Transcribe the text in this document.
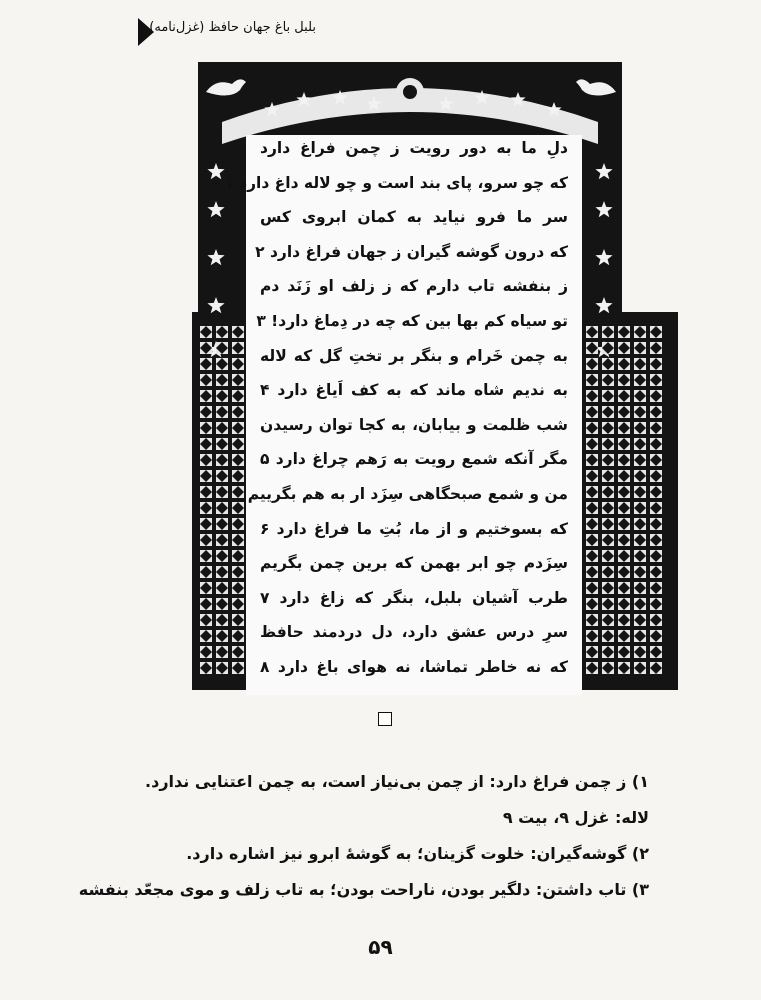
بلبل باغ جهان حافظ (غزل‌نامه)
دلِ ما به دور رویت ز چمن فراغ دارد
که چو سرو، پای بند است و چو لاله داغ دارد ۱
سر ما فرو نیاید به کمان ابروی کس
که درون گوشه گیران ز جهان فراغ دارد ۲
ز بنفشه تاب دارم که ز زلف او زَنَد دم
تو سیاه کم بها بین که چه در دِماغ دارد! ۳
به چمن خَرام و بنگر بر تختِ گل که لاله
به ندیم شاه ماند که به کف اَیاغ دارد ۴
شب ظلمت و بیابان، به کجا توان رسیدن
مگر آنکه شمع رویت به رَهم چراغ دارد ۵
من و شمع صبحگاهی سِزَد ار به هم بگرییم
که بسوختیم و از ما، بُتِ ما فراغ دارد ۶
سِزَدم چو ابر بهمن که برین چمن بگریم
طرب آشیان بلبل، بنگر که زاغ دارد ۷
سرِ درس عشق دارد، دل دردمند حافظ
که نه خاطر تماشا، نه هوای باغ دارد ۸
۱) ز چمن فراغ دارد: از چمن بی‌نیاز است، به چمن اعتنایی ندارد.
لاله: غزل ۹، بیت ۹
۲) گوشه‌گیران: خلوت گزینان؛ به گوشهٔ ابرو نیز اشاره دارد.
۳) تاب داشتن: دلگیر بودن، ناراحت بودن؛ به تاب زلف و موی مجعّد بنفشه
۵۹
